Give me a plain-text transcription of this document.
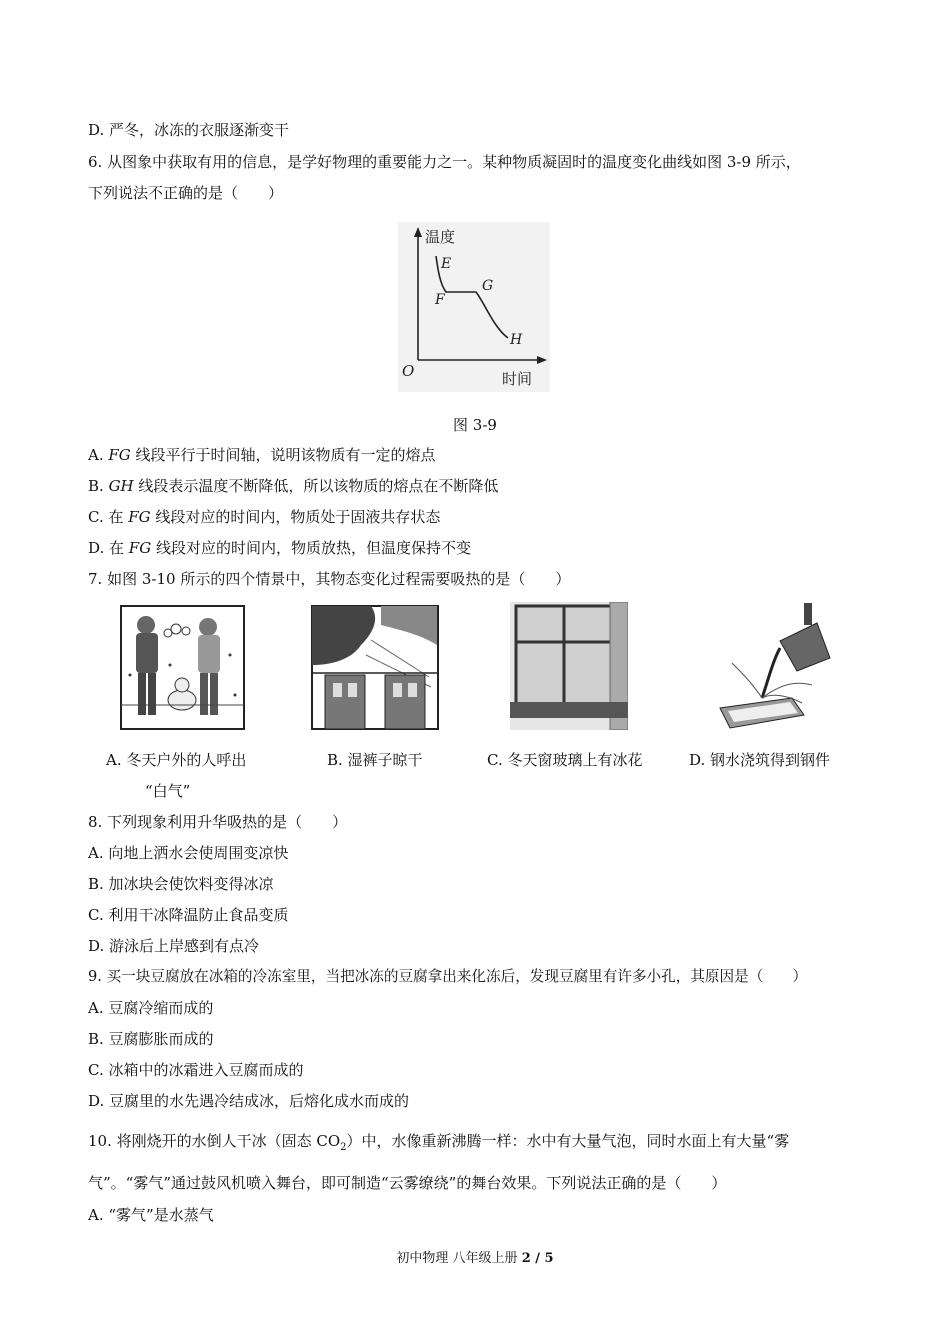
D. 严冬，冰冻的衣服逐渐变干
6. 从图象中获取有用的信息，是学好物理的重要能力之一。某种物质凝固时的温度变化曲线如图 3-9 所示，
下列说法不正确的是（　　）
温度
时间
O
E
F
G
H
图 3-9
A. FG 线段平行于时间轴，说明该物质有一定的熔点
B. GH 线段表示温度不断降低，所以该物质的熔点在不断降低
C. 在 FG 线段对应的时间内，物质处于固液共存状态
D. 在 FG 线段对应的时间内，物质放热，但温度保持不变
7. 如图 3-10 所示的四个情景中，其物态变化过程需要吸热的是（　　）
A. 冬天户外的人呼出
“白气”
B. 湿裤子晾干	C. 冬天窗玻璃上有冰花	D. 钢水浇筑得到钢件
8. 下列现象利用升华吸热的是（　　）
A. 向地上洒水会使周围变凉快
B. 加冰块会使饮料变得冰凉
C. 利用干冰降温防止食品变质
D. 游泳后上岸感到有点冷
9. 买一块豆腐放在冰箱的冷冻室里，当把冰冻的豆腐拿出来化冻后，发现豆腐里有许多小孔，其原因是（　　）
A. 豆腐冷缩而成的
B. 豆腐膨胀而成的
C. 冰箱中的冰霜进入豆腐而成的
D. 豆腐里的水先遇冷结成冰，后熔化成水而成的
10. 将刚烧开的水倒人干冰（固态 $CO_2$）中，水像重新沸腾一样：水中有大量气泡，同时水面上有大量“雾
气”。“雾气”通过鼓风机喷入舞台，即可制造“云雾缭绕”的舞台效果。下列说法正确的是（　　）
A. “雾气”是水蒸气
初中物理 八年级上册 2 / 5
